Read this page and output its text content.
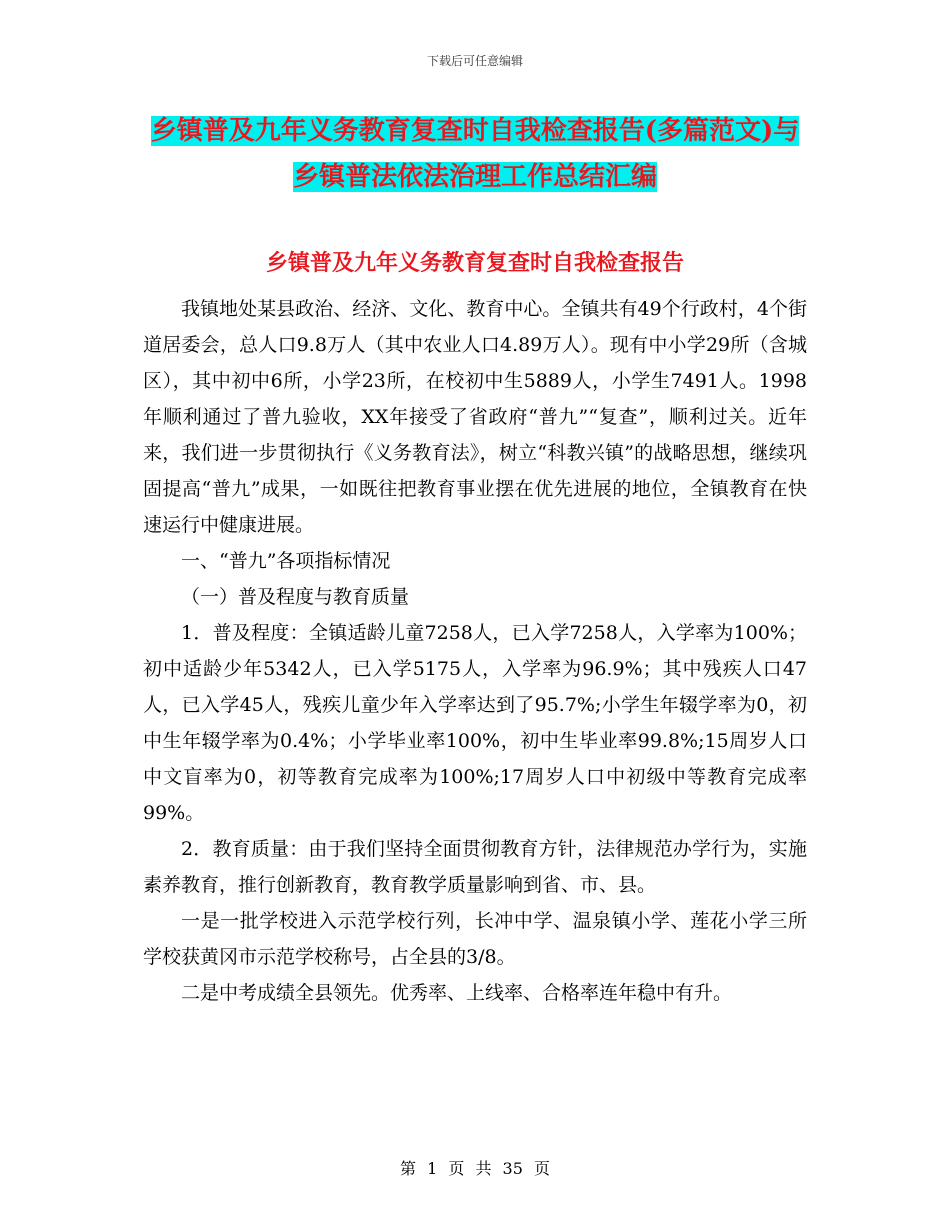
下载后可任意编辑
乡镇普及九年义务教育复查时自我检查报告(多篇范文)与乡镇普法依法治理工作总结汇编
乡镇普及九年义务教育复查时自我检查报告

我镇地处某县政治、经济、文化、教育中心。全镇共有49个行政村，4个街道居委会，总人口9.8万人（其中农业人口4.89万人）。现有中小学29所（含城区），其中初中6所，小学23所，在校初中生5889人，小学生7491人。1998年顺利通过了普九验收，XX年接受了省政府“普九”“复查”，顺利过关。近年来，我们进一步贯彻执行《义务教育法》，树立“科教兴镇”的战略思想，继续巩固提高“普九”成果，一如既往把教育事业摆在优先进展的地位，全镇教育在快速运行中健康进展。

一、“普九”各项指标情况

（一）普及程度与教育质量

1．普及程度：全镇适龄儿童7258人，已入学7258人，入学率为100%；初中适龄少年5342人，已入学5175人，入学率为96.9%；其中残疾人口47人，已入学45人，残疾儿童少年入学率达到了95.7%;小学生年辍学率为0，初中生年辍学率为0.4%；小学毕业率100%，初中生毕业率99.8%;15周岁人口中文盲率为0，初等教育完成率为100%;17周岁人口中初级中等教育完成率99%。

2．教育质量：由于我们坚持全面贯彻教育方针，法律规范办学行为，实施素养教育，推行创新教育，教育教学质量影响到省、市、县。

一是一批学校进入示范学校行列，长冲中学、温泉镇小学、莲花小学三所学校获黄冈市示范学校称号，占全县的3/8。

二是中考成绩全县领先。优秀率、上线率、合格率连年稳中有升。

第 1 页 共 35 页
